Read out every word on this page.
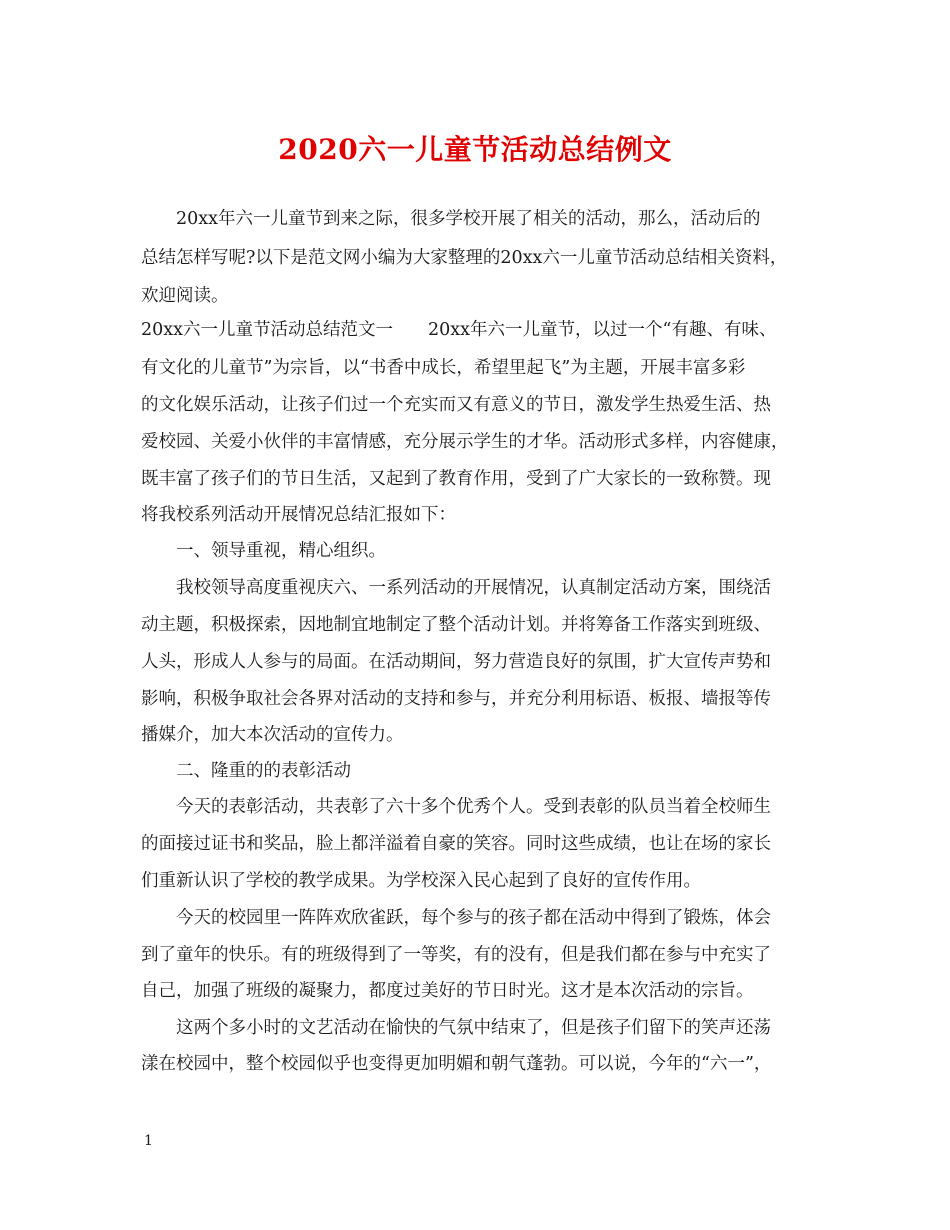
2020六一儿童节活动总结例文
　　20xx年六一儿童节到来之际，很多学校开展了相关的活动，那么，活动后的
总结怎样写呢?以下是范文网小编为大家整理的20xx六一儿童节活动总结相关资料，
欢迎阅读。
20xx六一儿童节活动总结范文一　　20xx年六一儿童节，以过一个“有趣、有味、
有文化的儿童节”为宗旨，以“书香中成长，希望里起飞”为主题，开展丰富多彩
的文化娱乐活动，让孩子们过一个充实而又有意义的节日，激发学生热爱生活、热
爱校园、关爱小伙伴的丰富情感，充分展示学生的才华。活动形式多样，内容健康，
既丰富了孩子们的节日生活，又起到了教育作用，受到了广大家长的一致称赞。现
将我校系列活动开展情况总结汇报如下：
　　一、领导重视，精心组织。
　　我校领导高度重视庆六、一系列活动的开展情况，认真制定活动方案，围绕活
动主题，积极探索，因地制宜地制定了整个活动计划。并将筹备工作落实到班级、
人头，形成人人参与的局面。在活动期间，努力营造良好的氛围，扩大宣传声势和
影响，积极争取社会各界对活动的支持和参与，并充分利用标语、板报、墙报等传
播媒介，加大本次活动的宣传力。
　　二、隆重的的表彰活动
　　今天的表彰活动，共表彰了六十多个优秀个人。受到表彰的队员当着全校师生
的面接过证书和奖品，脸上都洋溢着自豪的笑容。同时这些成绩，也让在场的家长
们重新认识了学校的教学成果。为学校深入民心起到了良好的宣传作用。
　　今天的校园里一阵阵欢欣雀跃，每个参与的孩子都在活动中得到了锻炼，体会
到了童年的快乐。有的班级得到了一等奖，有的没有，但是我们都在参与中充实了
自己，加强了班级的凝聚力，都度过美好的节日时光。这才是本次活动的宗旨。
　　这两个多小时的文艺活动在愉快的气氛中结束了，但是孩子们留下的笑声还荡
漾在校园中，整个校园似乎也变得更加明媚和朝气蓬勃。可以说，今年的“六一”，
1
